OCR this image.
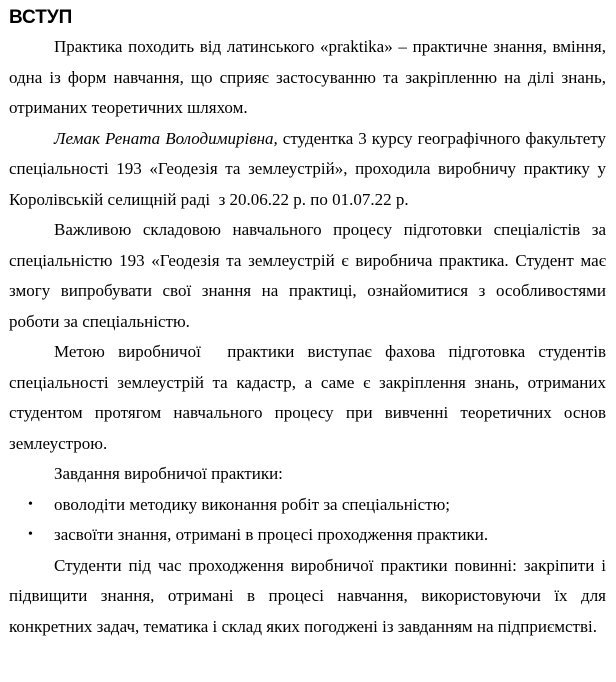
ВСТУП

Практика походить від латинського «praktika» – практичне знання, вміння, одна із форм навчання, що сприяє застосуванню та закріпленню на ділі знань, отриманих теоретичних шляхом.

Лемак Рената Володимирівна, студентка 3 курсу географічного факультету спеціальності 193 «Геодезія та землеустрій», проходила виробничу практику у Королівській селищній раді  з 20.06.22 р. по 01.07.22 р.

Важливою складовою навчального процесу підготовки спеціалістів за спеціальністю 193 «Геодезія та землеустрій є виробнича практика. Студент має змогу випробувати свої знання на практиці, ознайомитися з особливостями роботи за спеціальністю.

Метою виробничої  практики виступає фахова підготовка студентів спеціальності землеустрій та кадастр, а саме є закріплення знань, отриманих студентом протягом навчального процесу при вивченні теоретичних основ землеустрою.

Завдання виробничої практики:

• оволодіти методику виконання робіт за спеціальністю;
• засвоїти знання, отримані в процесі проходження практики.

Студенти під час проходження виробничої практики повинні: закріпити і підвищити знання, отримані в процесі навчання, використовуючи їх для конкретних задач, тематика і склад яких погоджені із завданням на підприємстві.
